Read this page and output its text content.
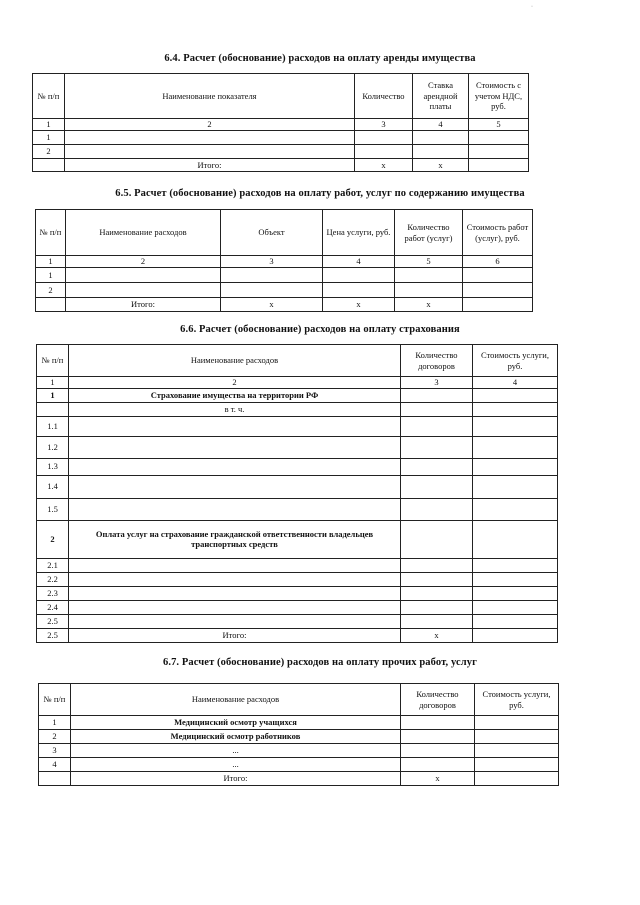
·
6.4. Расчет (обоснование) расходов на оплату аренды имущества
№ п/п	Наименование показателя	Количество	Ставка арендной платы	Стоимость с учетом НДС, руб.
1	2	3	4	5
1				
2				
	Итого:	x	x	
6.5. Расчет (обоснование) расходов на оплату работ, услуг по содержанию имущества
№ п/п	Наименование расходов	Объект	Цена услуги, руб.	Количество работ (услуг)	Стоимость работ (услуг), руб.
1	2	3	4	5	6
1					
2					
	Итого:	x	x	x	
6.6. Расчет (обоснование) расходов на оплату страхования
№ п/п	Наименование расходов	Количество договоров	Стоимость услуги, руб.
1	2	3	4
1	Страхование имущества на территории РФ		
	в т. ч.		
1.1			
1.2			
1.3			
1.4			
1.5			
2	Оплата услуг на страхование гражданской ответственности владельцев транспортных средств		
2.1			
2.2			
2.3			
2.4			
2.5			
2.5	Итого:	x	
6.7. Расчет (обоснование) расходов на оплату прочих работ, услуг
№ п/п	Наименование расходов	Количество договоров	Стоимость услуги, руб.
1	Медицинский осмотр учащихся		
2	Медицинский осмотр работников		
3	...		
4	...		
	Итого:	x	
